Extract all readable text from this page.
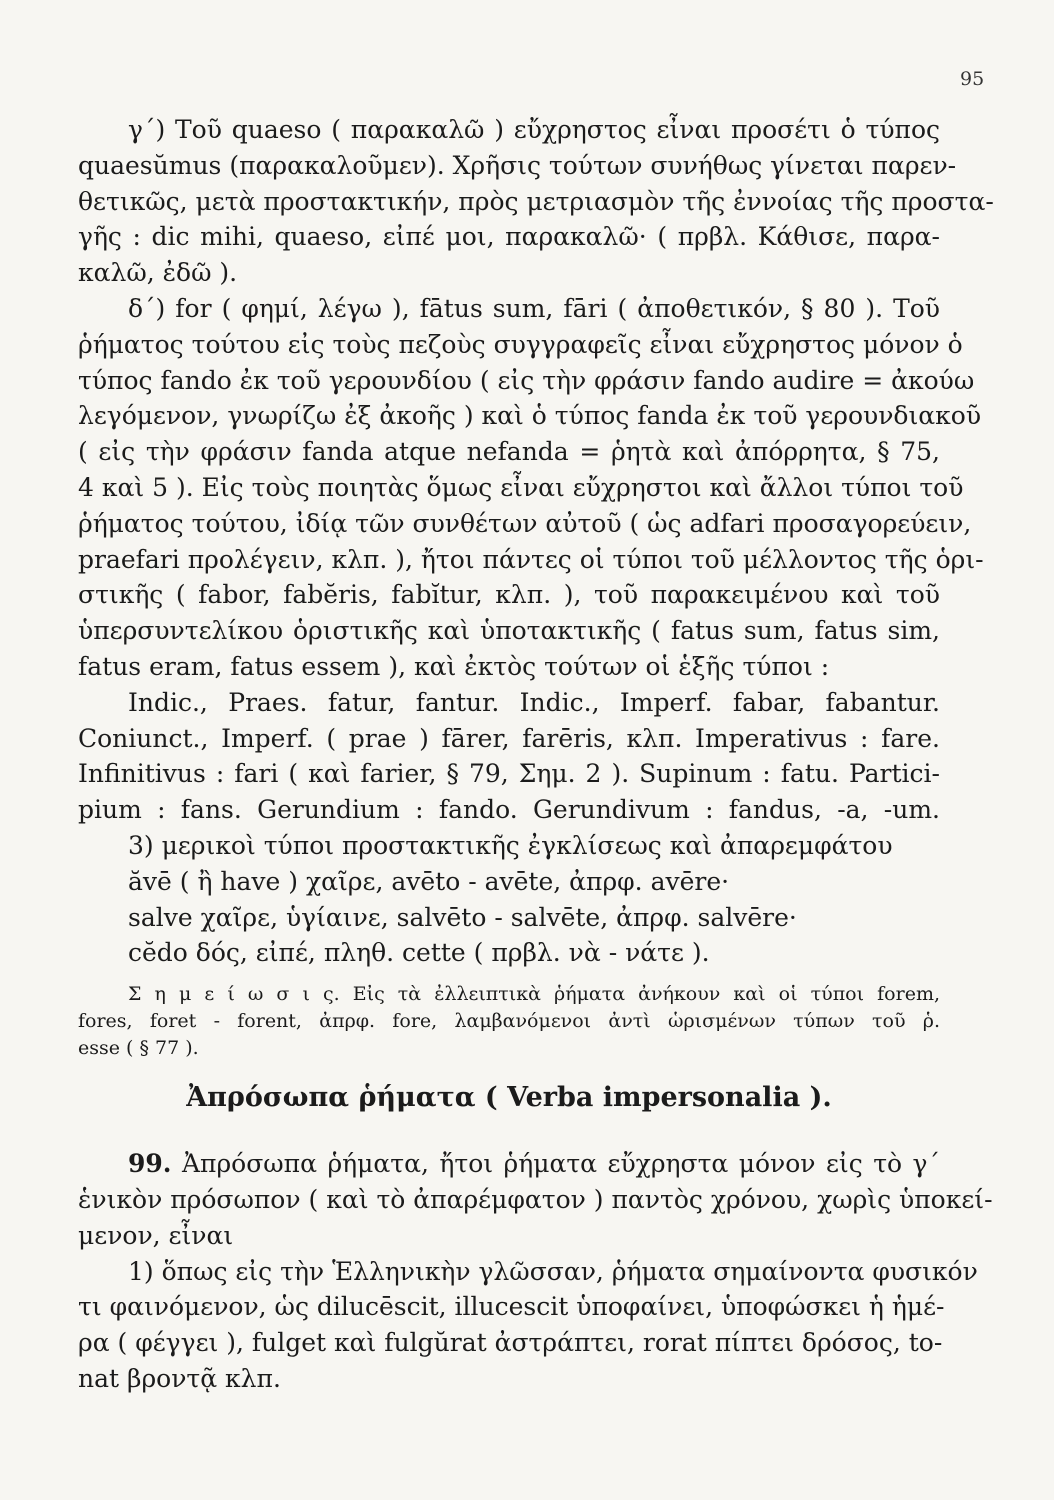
95
γ΄) Τοῦ quaeso ( παρακαλῶ ) εὔχρηστος εἶναι προσέτι ὁ τύπος
quaesŭmus (παρακαλοῦμεν). Χρῆσις τούτων συνήθως γίνεται παρεν-
θετικῶς, μετὰ προστακτικήν, πρὸς μετριασμὸν τῆς ἐννοίας τῆς προστα-
γῆς : dic mihi, quaeso, εἰπέ μοι, παρακαλῶ· ( πρβλ. Κάθισε, παρα-
καλῶ, ἐδῶ ).
δ΄) for ( φημί, λέγω ), fātus sum, fāri ( ἀποθετικόν, § 80 ). Τοῦ
ῥήματος τούτου εἰς τοὺς πεζοὺς συγγραφεῖς εἶναι εὔχρηστος μόνον ὁ
τύπος fando ἐκ τοῦ γερουνδίου ( εἰς τὴν φράσιν fando audire = ἀκούω
λεγόμενον, γνωρίζω ἐξ ἀκοῆς ) καὶ ὁ τύπος fanda ἐκ τοῦ γερουνδιακοῦ
( εἰς τὴν φράσιν fanda atque nefanda = ῥητὰ καὶ ἀπόρρητα, § 75,
4 καὶ 5 ). Εἰς τοὺς ποιητὰς ὅμως εἶναι εὔχρηστοι καὶ ἄλλοι τύποι τοῦ
ῥήματος τούτου, ἰδίᾳ τῶν συνθέτων αὐτοῦ ( ὡς adfari προσαγορεύειν,
praefari προλέγειν, κλπ. ), ἤτοι πάντες οἱ τύποι τοῦ μέλλοντος τῆς ὁρι-
στικῆς ( fabor, fabĕris, fabĭtur, κλπ. ), τοῦ παρακειμένου καὶ τοῦ
ὑπερσυντελίκου ὁριστικῆς καὶ ὑποτακτικῆς ( fatus sum, fatus sim,
fatus eram, fatus essem ), καὶ ἐκτὸς τούτων οἱ ἑξῆς τύποι :
Indic., Praes. fatur, fantur. Indic., Imperf. fabar, fabantur.
Coniunct., Imperf. ( prae ) fārer, farēris, κλπ. Imperativus : fare.
Infinitivus : fari ( καὶ farier, § 79, Σημ. 2 ). Supinum : fatu. Partici-
pium : fans. Gerundium : fando. Gerundivum : fandus, -a, -um.
3) μερικοὶ τύποι προστακτικῆς ἐγκλίσεως καὶ ἀπαρεμφάτου
ăvē ( ἢ have ) χαῖρε, avēto - avēte, ἀπρφ. avēre·
salve χαῖρε, ὑγίαινε, salvēto - salvēte, ἀπρφ. salvēre·
cĕdo δός, εἰπέ, πληθ. cette ( πρβλ. νὰ - νάτε ).
Σ η μ ε ί ω σ ι ς. Εἰς τὰ ἐλλειπτικὰ ῥήματα ἀνήκουν καὶ οἱ τύποι forem,
fores, foret - forent, ἀπρφ. fore, λαμβανόμενοι ἀντὶ ὡρισμένων τύπων τοῦ ῥ.
esse ( § 77 ).
Ἀπρόσωπα ῥήματα ( Verba impersonalia ).
99. Ἀπρόσωπα ῥήματα, ἤτοι ῥήματα εὔχρηστα μόνον εἰς τὸ γ΄
ἑνικὸν πρόσωπον ( καὶ τὸ ἀπαρέμφατον ) παντὸς χρόνου, χωρὶς ὑποκεί-
μενον, εἶναι
1) ὅπως εἰς τὴν Ἑλληνικὴν γλῶσσαν, ῥήματα σημαίνοντα φυσικόν
τι φαινόμενον, ὡς dilucēscit, illucescit ὑποφαίνει, ὑποφώσκει ἡ ἡμέ-
ρα ( φέγγει ), fulget καὶ fulgŭrat ἀστράπτει, rorat πίπτει δρόσος, to-
nat βροντᾷ κλπ.
